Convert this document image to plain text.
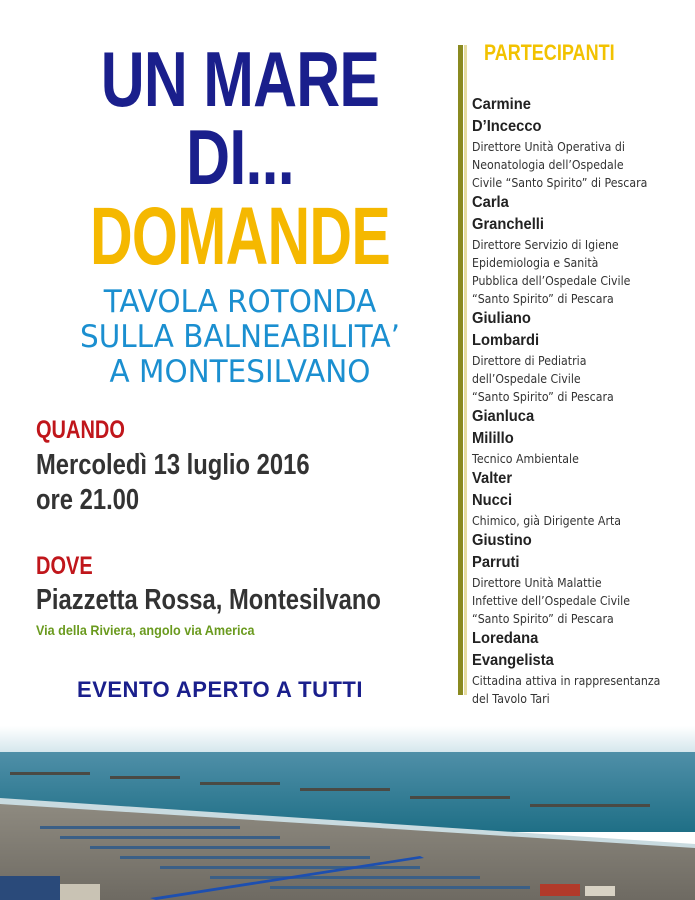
UN MARE
DI...
DOMANDE
TAVOLA ROTONDA
SULLA BALNEABILITA’
A MONTESILVANO
QUANDO
Mercoledì 13 luglio 2016
ore 21.00
DOVE
Piazzetta Rossa, Montesilvano
Via della Riviera, angolo via America
EVENTO APERTO A TUTTI
PARTECIPANTI
Carmine
D’Incecco
Direttore Unità Operativa di
Neonatologia dell’Ospedale
Civile “Santo Spirito” di Pescara
Carla
Granchelli
Direttore Servizio di Igiene
Epidemiologia e Sanità
Pubblica dell’Ospedale Civile
“Santo Spirito” di Pescara
Giuliano
Lombardi
Direttore di Pediatria
dell’Ospedale Civile
“Santo Spirito” di Pescara
Gianluca
Milillo
Tecnico Ambientale
Valter
Nucci
Chimico, già Dirigente Arta
Giustino
Parruti
Direttore Unità Malattie
Infettive dell’Ospedale Civile
“Santo Spirito” di Pescara
Loredana
Evangelista
Cittadina attiva in rappresentanza
del Tavolo Tari
